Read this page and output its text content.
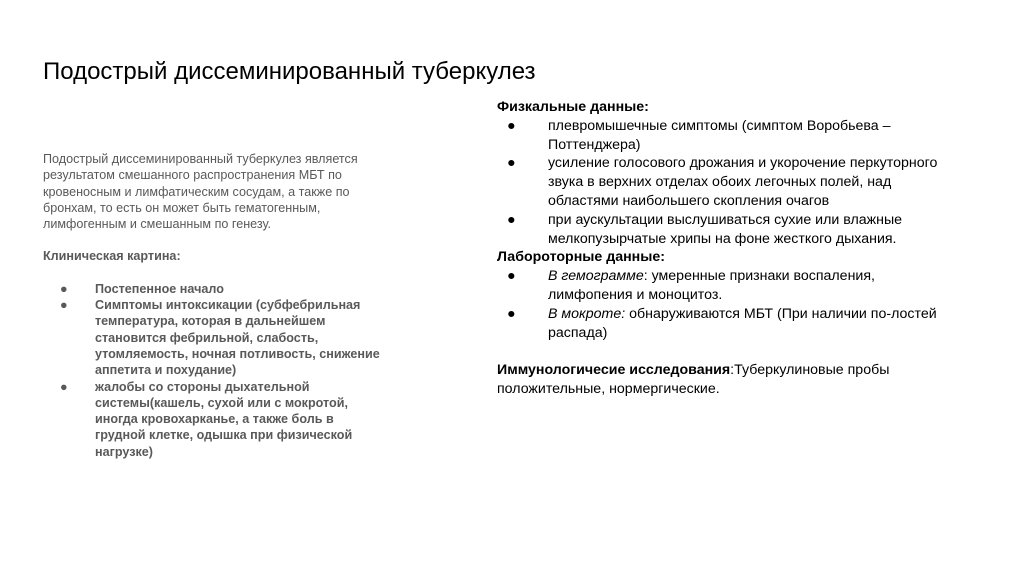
Подострый диссеминированный туберкулез

Подострый диссеминированный туберкулез является результатом смешанного распространения МБТ по кровеносным и лимфатическим сосудам, а также по бронхам, то есть он может быть гематогенным, лимфогенным и смешанным по генезу.

Клиническая картина:

● Постепенное начало
● Симптомы интоксикации (субфебрильная температура, которая в дальнейшем становится фебрильной, слабость, утомляемость, ночная потливость, снижение аппетита и похудание)
● жалобы со стороны дыхательной системы(кашель, сухой или с мокротой, иногда кровохарканье, а также боль в грудной клетке, одышка при физической нагрузке)
Физкальные данные:
● плевромышечные симптомы (симптом Воробьева – Поттенджера)
● усиление голосового дрожания и укорочение перкуторного звука в верхних отделах обоих легочных полей, над областями наибольшего скопления очагов
● при аускультации выслушиваться сухие или влажные мелкопузырчатые хрипы на фоне жесткого дыхания.
Лабороторные данные:
● В гемограмме: умеренные признаки воспаления, лимфопения и моноцитоз.
● В мокроте: обнаруживаются МБТ (При наличии по-лостей распада)
Иммунологичесие исследования:Туберкулиновые пробы положительные, нормергические.
